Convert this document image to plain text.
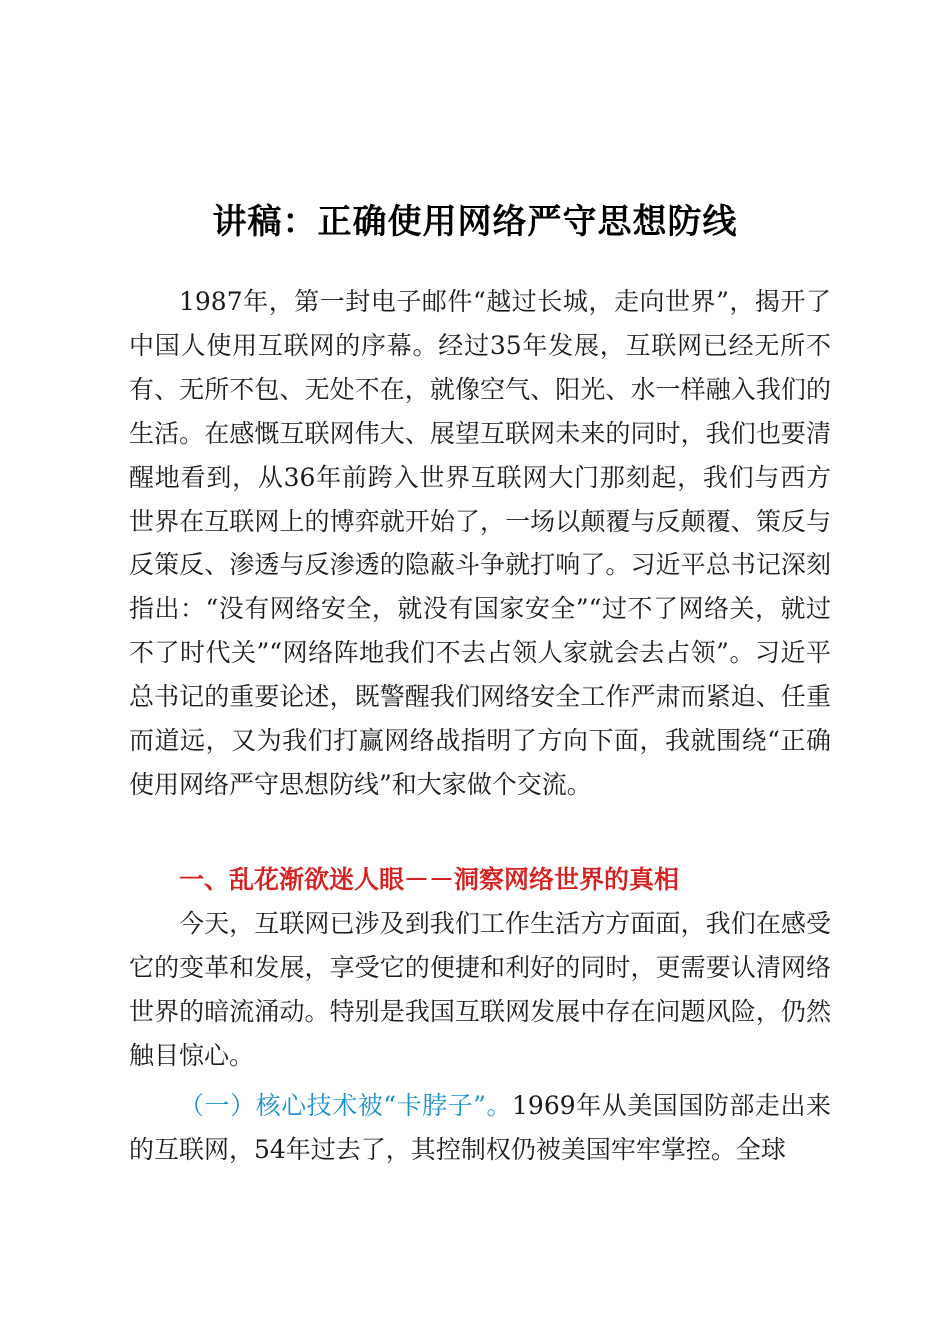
讲稿：正确使用网络严守思想防线

1987年，第一封电子邮件“越过长城，走向世界”，揭开了中国人使用互联网的序幕。经过35年发展，互联网已经无所不有、无所不包、无处不在，就像空气、阳光、水一样融入我们的生活。在感慨互联网伟大、展望互联网未来的同时，我们也要清醒地看到，从36年前跨入世界互联网大门那刻起，我们与西方世界在互联网上的博弈就开始了，一场以颠覆与反颠覆、策反与反策反、渗透与反渗透的隐蔽斗争就打响了。习近平总书记深刻指出：“没有网络安全，就没有国家安全”“过不了网络关，就过不了时代关”“网络阵地我们不去占领人家就会去占领”。习近平总书记的重要论述，既警醒我们网络安全工作严肃而紧迫、任重而道远，又为我们打赢网络战指明了方向下面，我就围绕“正确使用网络严守思想防线”和大家做个交流。

一、乱花渐欲迷人眼－－洞察网络世界的真相

今天，互联网已涉及到我们工作生活方方面面，我们在感受它的变革和发展，享受它的便捷和利好的同时，更需要认清网络世界的暗流涌动。特别是我国互联网发展中存在问题风险，仍然触目惊心。

（一）核心技术被“卡脖子”。1969年从美国国防部走出来的互联网，54年过去了，其控制权仍被美国牢牢掌控。全球
